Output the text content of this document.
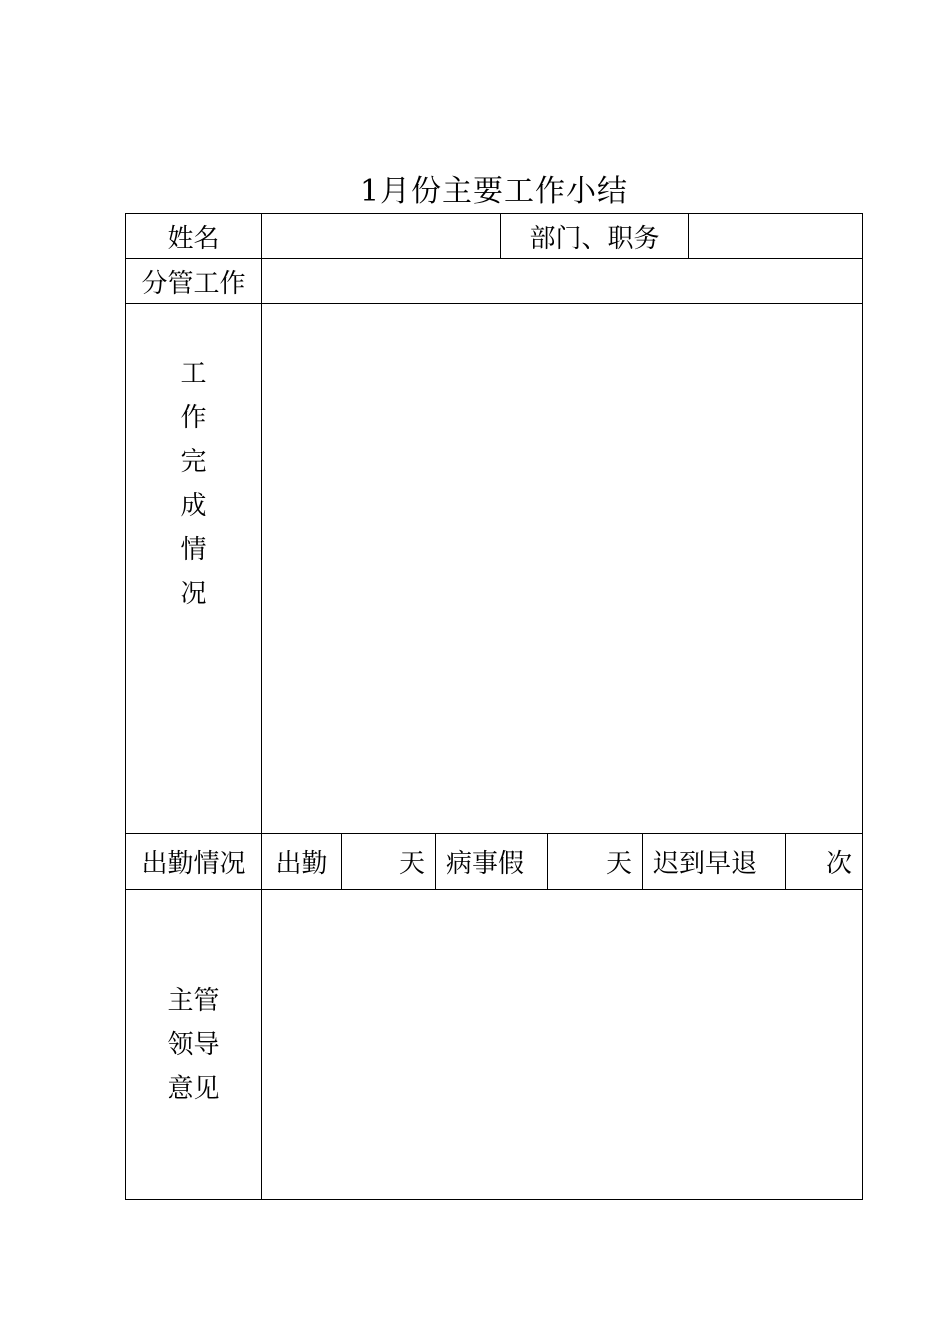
1月份主要工作小结
姓名	部门、职务
分管工作
工
作
完
成
情
况
出勤情况	出勤	天 病事假	天 迟到早退	次
主管
领导
意见
